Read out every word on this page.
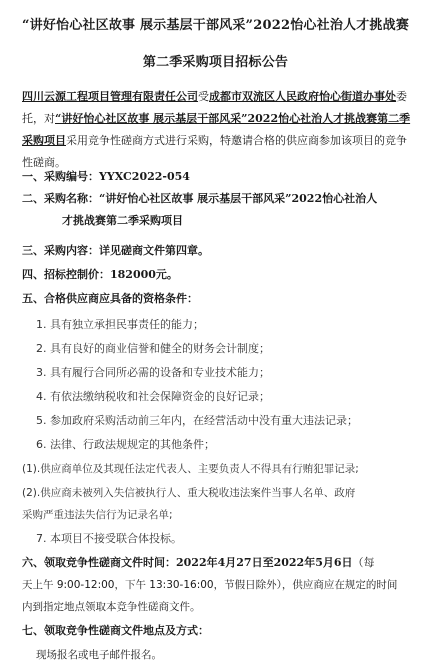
“讲好怡心社区故事 展示基层干部风采”2022怡心社治人才挑战赛
第二季采购项目招标公告
四川云源工程项目管理有限责任公司受成都市双流区人民政府怡心街道办事处委托，对“讲好怡心社区故事 展示基层干部风采”2022怡心社治人才挑战赛第二季采购项目采用竞争性磋商方式进行采购，特邀请合格的供应商参加该项目的竞争性磋商。
一、采购编号：YYXC2022-054
二、采购名称：“讲好怡心社区故事 展示基层干部风采”2022怡心社治人
才挑战赛第二季采购项目
三、采购内容：详见磋商文件第四章。
四、招标控制价：182000元。
五、合格供应商应具备的资格条件：
1. 具有独立承担民事责任的能力；
2. 具有良好的商业信誉和健全的财务会计制度；
3. 具有履行合同所必需的设备和专业技术能力；
4. 有依法缴纳税收和社会保障资金的良好记录；
5. 参加政府采购活动前三年内，在经营活动中没有重大违法记录；
6. 法律、行政法规规定的其他条件；
(1).供应商单位及其现任法定代表人、主要负责人不得具有行贿犯罪记录;
(2).供应商未被列入失信被执行人、重大税收违法案件当事人名单、政府
采购严重违法失信行为记录名单;
7. 本项目不接受联合体投标。
六、领取竞争性磋商文件时间：2022年4月27日至2022年5月6日（每
天上午 9:00-12:00，下午 13:30-16:00，节假日除外），供应商应在规定的时间
内到指定地点领取本竞争性磋商文件。
七、领取竞争性磋商文件地点及方式：
现场报名或电子邮件报名。
